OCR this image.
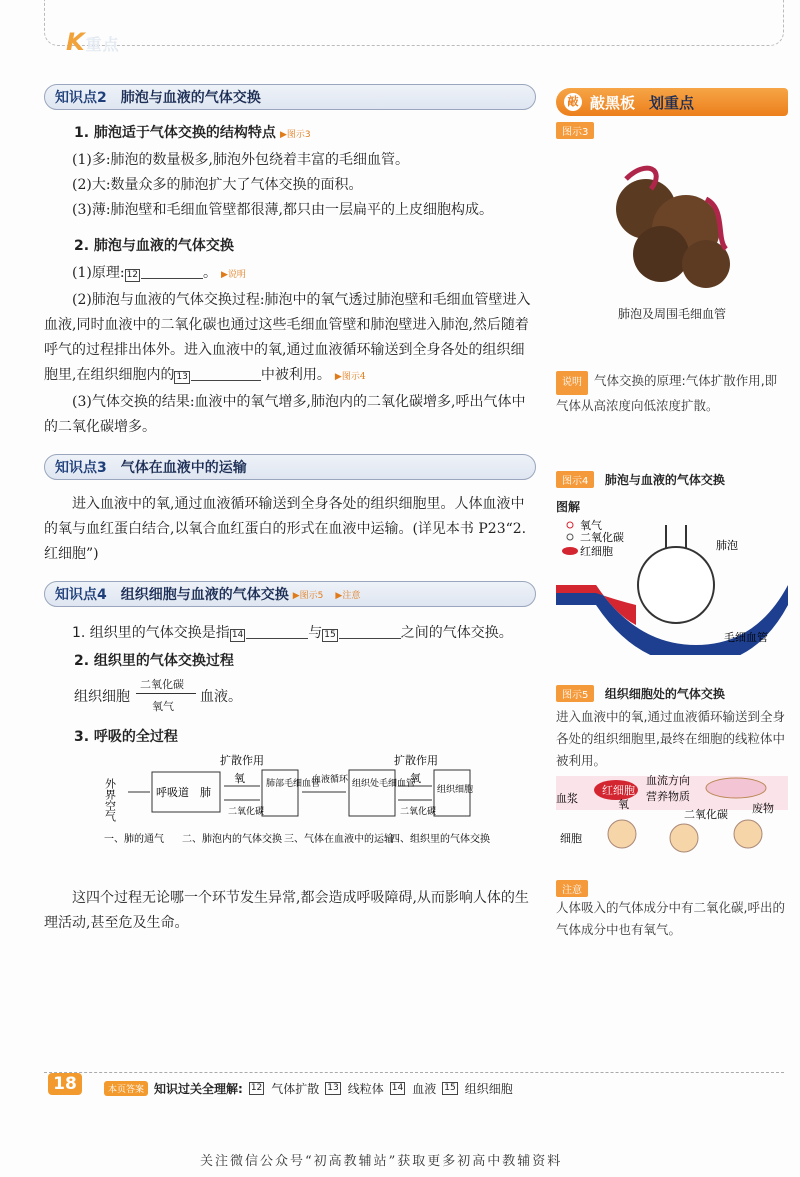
K重点
知识点2 肺泡与血液的气体交换
1. 肺泡适于气体交换的结构特点 ▶图示3

(1)多:肺泡的数量极多,肺泡外包绕着丰富的毛细血管。

(2)大:数量众多的肺泡扩大了气体交换的面积。

(3)薄:肺泡壁和毛细血管壁都很薄,都只由一层扁平的上皮细胞构成。

2. 肺泡与血液的气体交换

(1)原理: 12	。 ▶说明

(2)肺泡与血液的气体交换过程:肺泡中的氧气透过肺泡壁和毛细血管壁进入血液,同时血液中的二氧化碳也通过这些毛细血管壁和肺泡壁进入肺泡,然后随着呼气的过程排出体外。进入血液中的氧,通过血液循环输送到全身各处的组织细胞里,在组织细胞内的 13	中被利用。 ▶图示4

(3)气体交换的结果:血液中的氧气增多,肺泡内的二氧化碳增多,呼出气体中的二氧化碳增多。

知识点3 气体在血液中的运输

进入血液中的氧,通过血液循环输送到全身各处的组织细胞里。人体血液中的氧与血红蛋白结合,以氧合血红蛋白的形式在血液中运输。(详见本书 P23“2. 红细胞”)

知识点4 组织细胞与血液的气体交换 ▶图示5 ▶注意

1. 组织里的气体交换是指 14	与 15	之间的气体交换。

2. 组织里的气体交换过程
组织细胞
二氧化碳
氧气
血液。
3. 呼吸的全过程
外界空气	呼吸道 肺
扩散作用	扩散作用
氧
二氧化碳
肺部毛细血管
血液循环 组织处毛细血管
组织细胞
氧
二氧化碳
一、肺的通气 二、肺泡内的气体交换 三、气体在血液中的运输
四、组织里的气体交换

这四个过程无论哪一个环节发生异常,都会造成呼吸障碍,从而影响人体的生理活动,甚至危及生命。

敲 敲黑板 划重点
图示3
肺泡及周围毛细血管
说明 气体交换的原理:气体扩散作用,即气体从高浓度向低浓度扩散。
图示4 肺泡与血液的气体交换
图解
氧气
二氧化碳
红细胞	肺泡
毛细血管
图示5 组织细胞处的气体交换
进入血液中的氧,通过血液循环输送到全身各处的组织细胞里,最终在细胞的线粒体中被利用。
红细胞
血流方向
血浆	氧
营养物质
二氧化碳 废物
细胞
注意
人体吸入的气体成分中有二氧化碳,呼出的气体成分中也有氧气。
18	本页答案 知识过关全理解: 12 气体扩散 13 线粒体 14 血液 15 组织细胞
关注微信公众号“初高教辅站”获取更多初高中教辅资料
